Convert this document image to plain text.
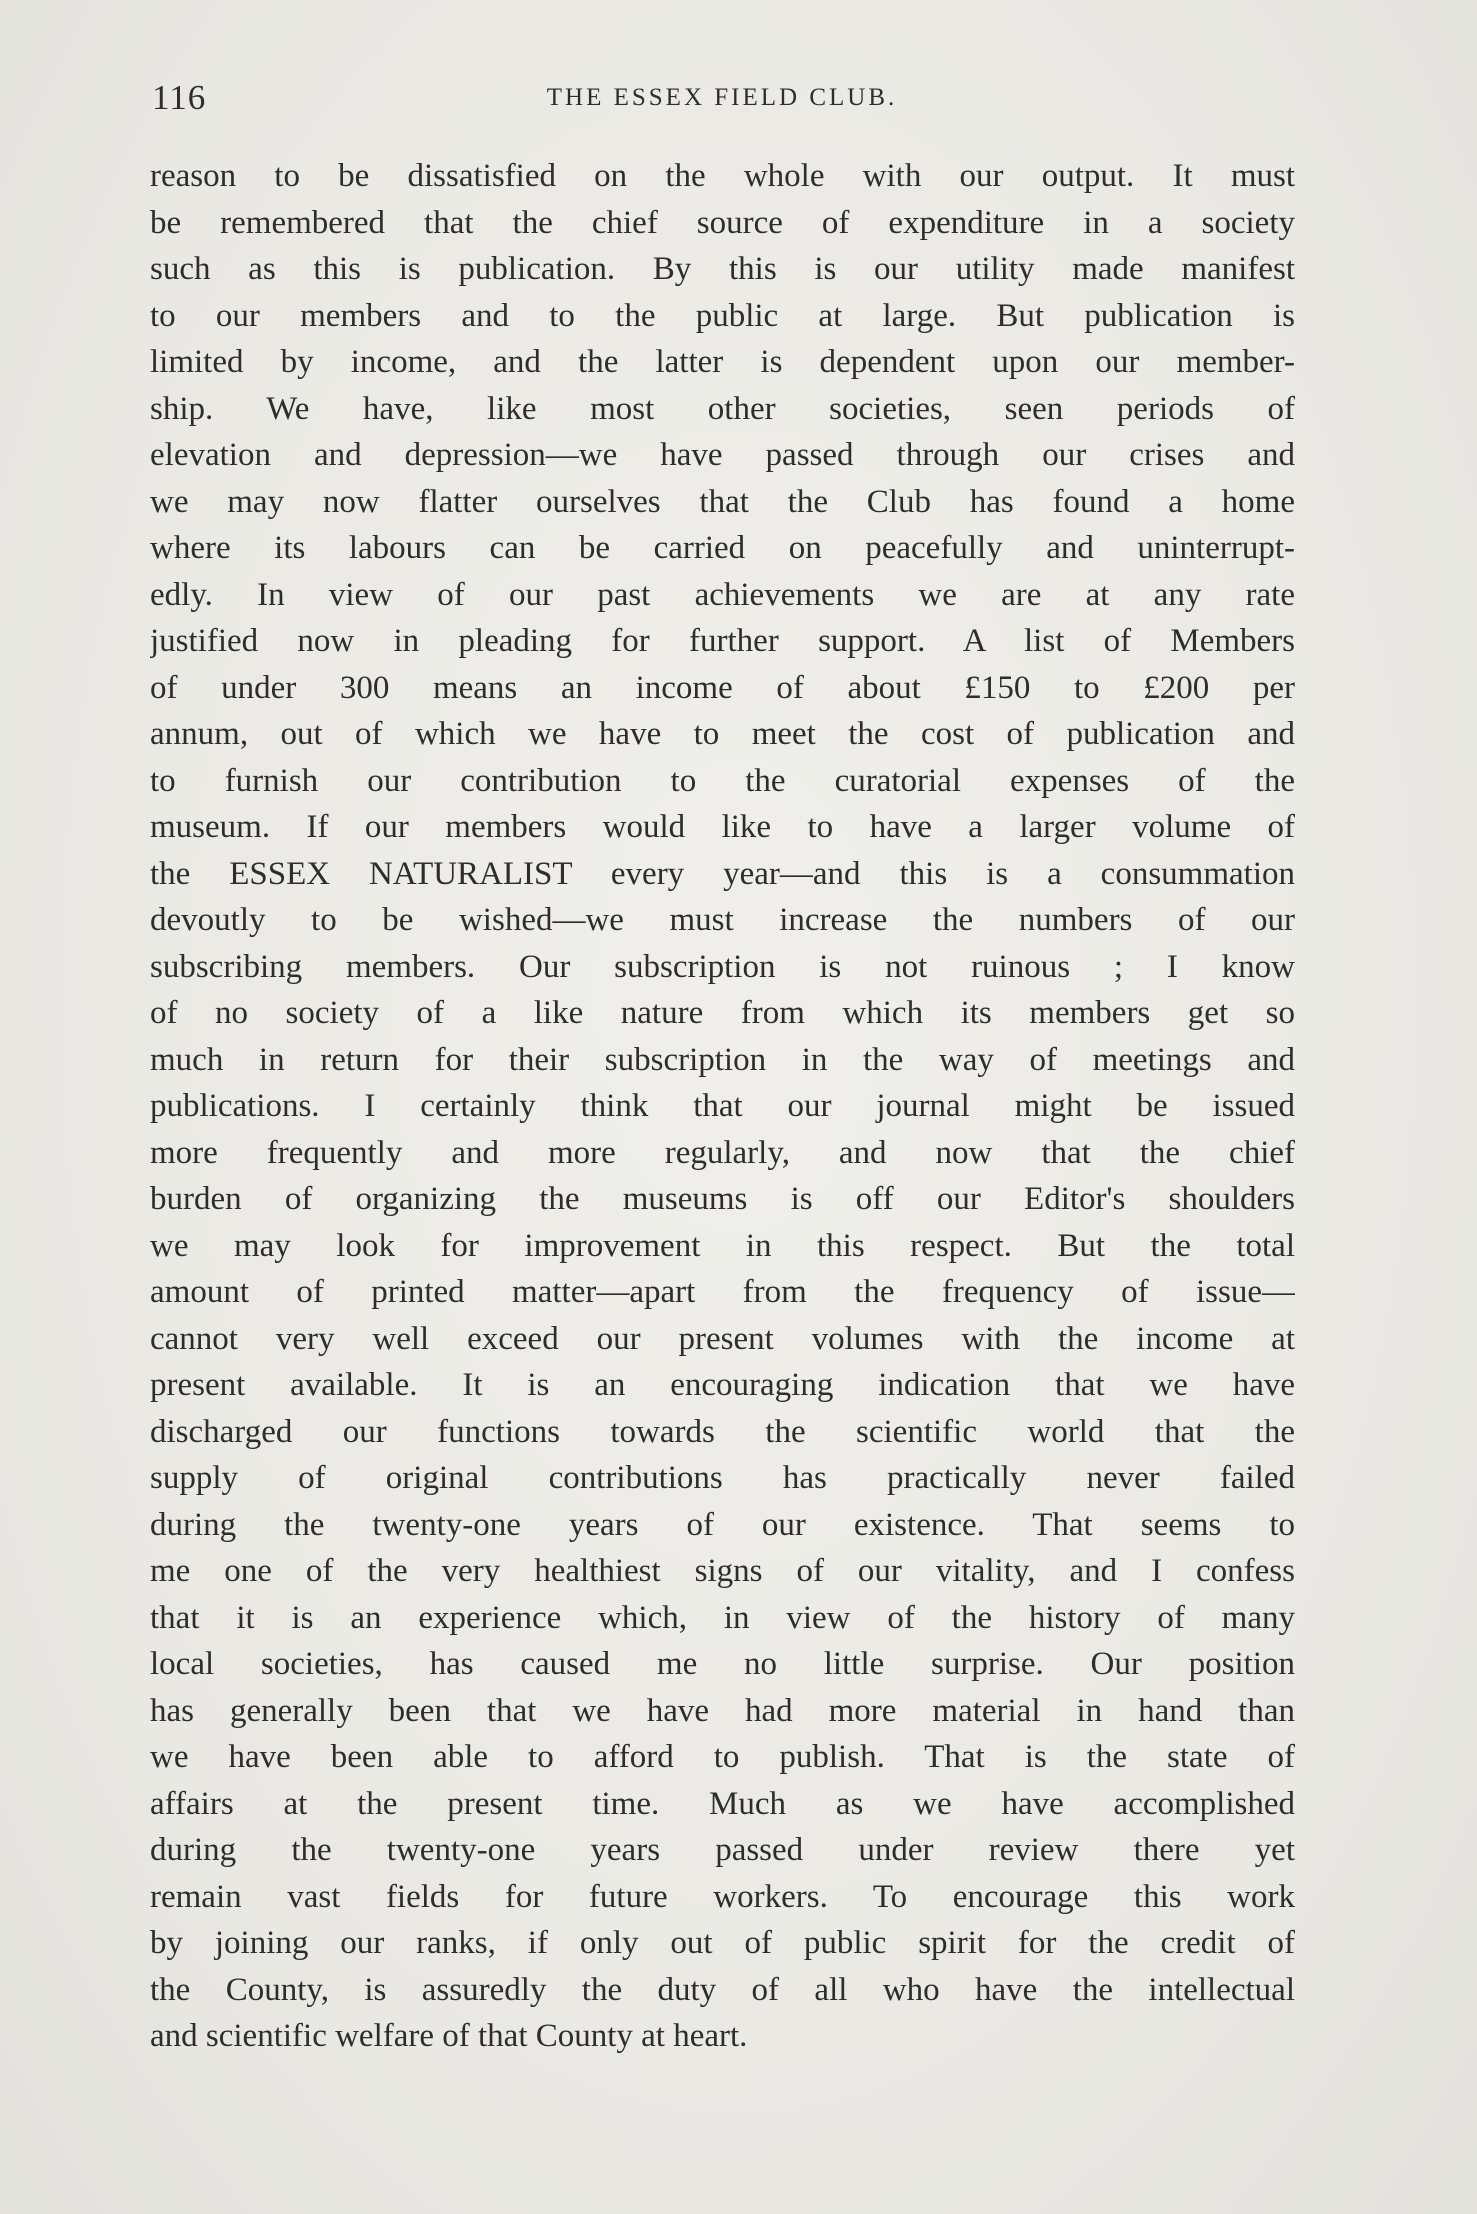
116	THE ESSEX FIELD CLUB.
reason to be dissatisfied on the whole with our output. It must
be remembered that the chief source of expenditure in a society
such as this is publication. By this is our utility made manifest
to our members and to the public at large. But publication is
limited by income, and the latter is dependent upon our member-
ship. We have, like most other societies, seen periods of
elevation and depression—we have passed through our crises and
we may now flatter ourselves that the Club has found a home
where its labours can be carried on peacefully and uninterrupt-
edly. In view of our past achievements we are at any rate
justified now in pleading for further support. A list of Members
of under 300 means an income of about £150 to £200 per
annum, out of which we have to meet the cost of publication and
to furnish our contribution to the curatorial expenses of the
museum. If our members would like to have a larger volume of
the ESSEX NATURALIST every year—and this is a consummation
devoutly to be wished—we must increase the numbers of our
subscribing members. Our subscription is not ruinous ; I know
of no society of a like nature from which its members get so
much in return for their subscription in the way of meetings and
publications. I certainly think that our journal might be issued
more frequently and more regularly, and now that the chief
burden of organizing the museums is off our Editor's shoulders
we may look for improvement in this respect. But the total
amount of printed matter—apart from the frequency of issue—
cannot very well exceed our present volumes with the income at
present available. It is an encouraging indication that we have
discharged our functions towards the scientific world that the
supply of original contributions has practically never failed
during the twenty-one years of our existence. That seems to
me one of the very healthiest signs of our vitality, and I confess
that it is an experience which, in view of the history of many
local societies, has caused me no little surprise. Our position
has generally been that we have had more material in hand than
we have been able to afford to publish. That is the state of
affairs at the present time. Much as we have accomplished
during the twenty-one years passed under review there yet
remain vast fields for future workers. To encourage this work
by joining our ranks, if only out of public spirit for the credit of
the County, is assuredly the duty of all who have the intellectual
and scientific welfare of that County at heart.
